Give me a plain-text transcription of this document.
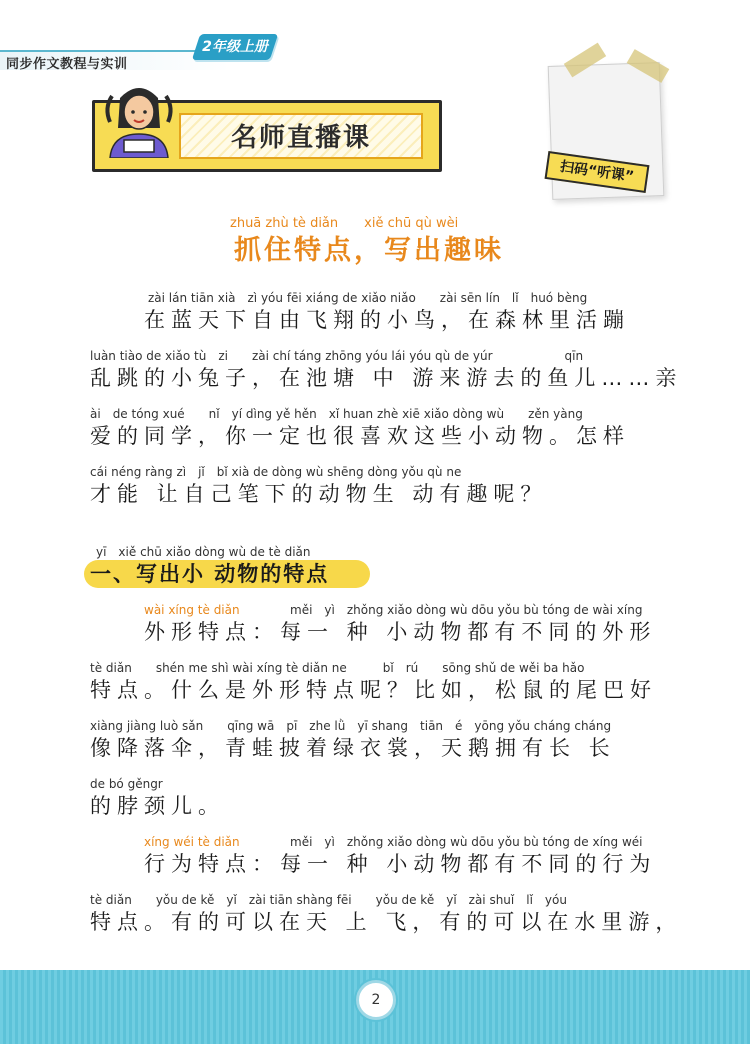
同步作文教程与实训
2年级上册
名师直播课
扫码“听课”
zhuā zhù tè diǎn　　xiě chū qù wèi
抓住特点，写出趣味
zài lán tiān xià　zì yóu fēi xiáng de xiǎo niǎo　　zài sēn lín　lǐ　huó bèng
在蓝天下自由飞翔的小鸟，在森林里活蹦
luàn tiào de xiǎo tù　zi　　zài chí táng zhōng yóu lái yóu qù de yúr　　　　　　qīn
乱跳的小兔子，在池塘 中 游来游去的鱼儿……亲
ài　de tóng xué　　nǐ　yí dìng yě hěn　xǐ huan zhè xiē xiǎo dòng wù　　zěn yàng
爱的同学，你一定也很喜欢这些小动物。怎样
cái néng ràng zì　jǐ　bǐ xià de dòng wù shēng dòng yǒu qù ne
才能 让自己笔下的动物生 动有趣呢？
yī　xiě chū xiǎo dòng wù de tè diǎn
一、写出小 动物的特点
wài xíng tè diǎn
外形特点：
měi　yì　zhǒng xiǎo dòng wù dōu yǒu bù tóng de wài xíng
每一 种 小动物都有不同的外形
tè diǎn　　shén me shì wài xíng tè diǎn ne　　　bǐ　rú　　sōng shǔ de wěi ba hǎo
特点。什么是外形特点呢？比如，松鼠的尾巴好
xiàng jiàng luò sǎn　　qīng wā　pī　zhe lǜ　yī shang　tiān　é　yōng yǒu cháng cháng
像降落伞，青蛙披着绿衣裳，天鹅拥有长 长
de bó gěngr
的脖颈儿。
xíng wéi tè diǎn
行为特点：
měi　yì　zhǒng xiǎo dòng wù dōu yǒu bù tóng de xíng wéi
每一 种 小动物都有不同的行为
tè diǎn　　yǒu de kě　yǐ　zài tiān shàng fēi　　yǒu de kě　yǐ　zài shuǐ　lǐ　yóu
特点。有的可以在天 上 飞，有的可以在水里游，
2
